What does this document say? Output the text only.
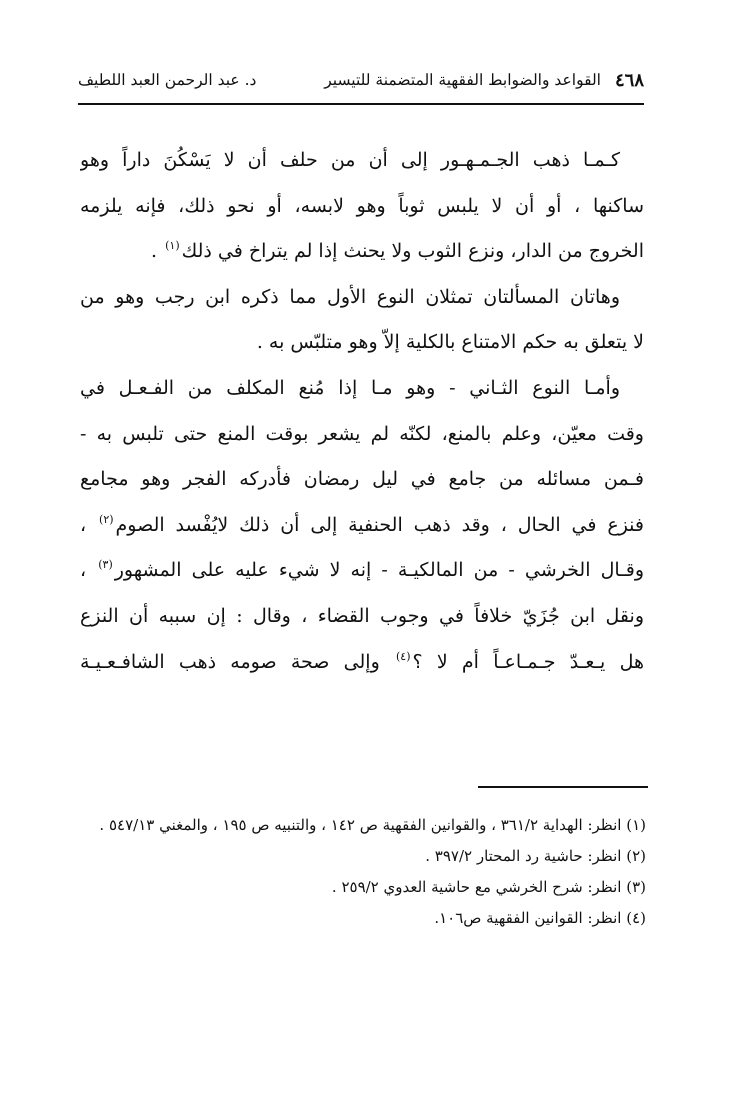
٤٦٨
القواعد والضوابط الفقهية المتضمنة للتيسير
د. عبد الرحمن العبد اللطيف
كـمـا ذهب الجـمـهـور إلى أن من حلف أن لا يَسْكُنَ داراً وهو
ساكنها ، أو أن لا يلبس ثوباً وهو لابسه، أو نحو ذلك، فإنه يلزمه
الخروج من الدار، ونزع الثوب ولا يحنث إذا لم يتراخ في ذلك$^{(١)}$ .
وهاتان المسألتان تمثلان النوع الأول مما ذكره ابن رجب وهو من
لا يتعلق به حكم الامتناع بالكلية إلاّ وهو متلبّس به .
وأمـا النوع الثـاني - وهو مـا إذا مُنع المكلف من الفـعـل في
وقت معيّن، وعلم بالمنع، لكنّه لم يشعر بوقت المنع حتى تلبس به -
فـمن مسائله من جامع في ليل رمضان فأدركه الفجر وهو مجامع
فنزع في الحال ، وقد ذهب الحنفية إلى أن ذلك لايُفْسد الصوم$^{(٢)}$ ،
وقـال الخرشي - من المالكيـة - إنه لا شيء عليه على المشهور$^{(٣)}$ ،
ونقل ابن جُزَيّ خلافاً في وجوب القضاء ، وقال : إن سببه أن النزع
هل يـعـدّ جـمـاعـاً أم لا ؟$^{(٤)}$ وإلى صحة صومه ذهب الشافـعـيـة
(١) انظر: الهداية ٣٦١/٢ ، والقوانين الفقهية ص ١٤٢ ، والتنبيه ص ١٩٥ ، والمغني ٥٤٧/١٣ .
(٢) انظر: حاشية رد المحتار ٣٩٧/٢ .
(٣) انظر: شرح الخرشي مع حاشية العدوي ٢٥٩/٢ .
(٤) انظر: القوانين الفقهية ص١٠٦.
